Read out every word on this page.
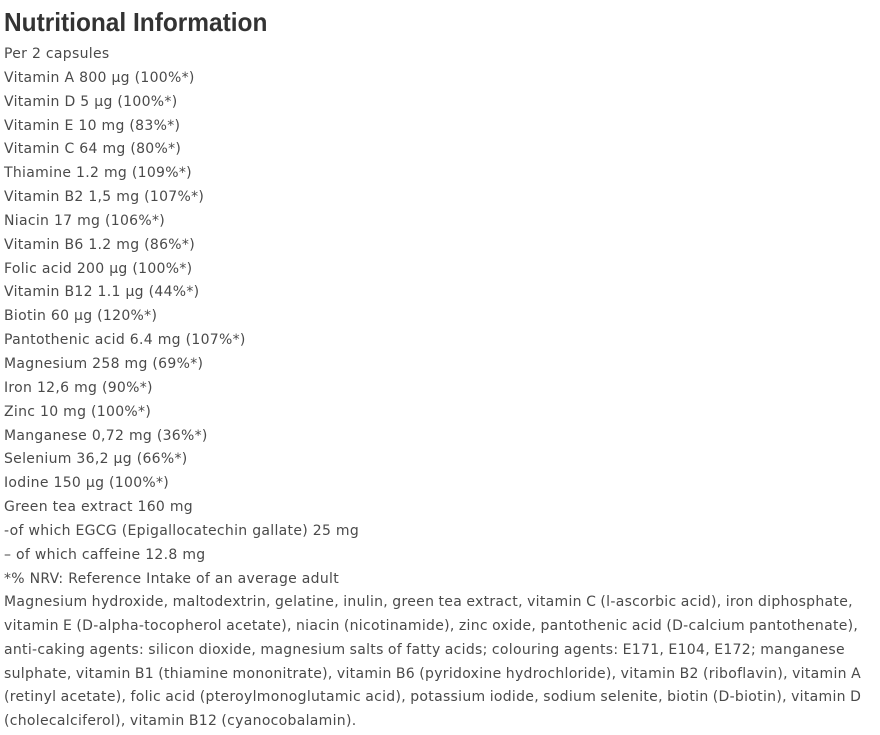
Nutritional Information
Per 2 capsules
Vitamin A 800 µg (100%*)
Vitamin D 5 µg (100%*)
Vitamin E 10 mg (83%*)
Vitamin C 64 mg (80%*)
Thiamine 1.2 mg (109%*)
Vitamin B2 1,5 mg (107%*)
Niacin 17 mg (106%*)
Vitamin B6 1.2 mg (86%*)
Folic acid 200 µg (100%*)
Vitamin B12 1.1 µg (44%*)
Biotin 60 µg (120%*)
Pantothenic acid 6.4 mg (107%*)
Magnesium 258 mg (69%*)
Iron 12,6 mg (90%*)
Zinc 10 mg (100%*)
Manganese 0,72 mg (36%*)
Selenium 36,2 µg (66%*)
Iodine 150 µg (100%*)
Green tea extract 160 mg
-of which EGCG (Epigallocatechin gallate) 25 mg
– of which caffeine 12.8 mg
*% NRV: Reference Intake of an average adult

Magnesium hydroxide, maltodextrin, gelatine, inulin, green tea extract, vitamin C (l-ascorbic acid), iron diphosphate, vitamin E (D-alpha-tocopherol acetate), niacin (nicotinamide), zinc oxide, pantothenic acid (D-calcium pantothenate), anti-caking agents: silicon dioxide, magnesium salts of fatty acids; colouring agents: E171, E104, E172; manganese sulphate, vitamin B1 (thiamine mononitrate), vitamin B6 (pyridoxine hydrochloride), vitamin B2 (riboflavin), vitamin A (retinyl acetate), folic acid (pteroylmonoglutamic acid), potassium iodide, sodium selenite, biotin (D-biotin), vitamin D (cholecalciferol), vitamin B12 (cyanocobalamin).
